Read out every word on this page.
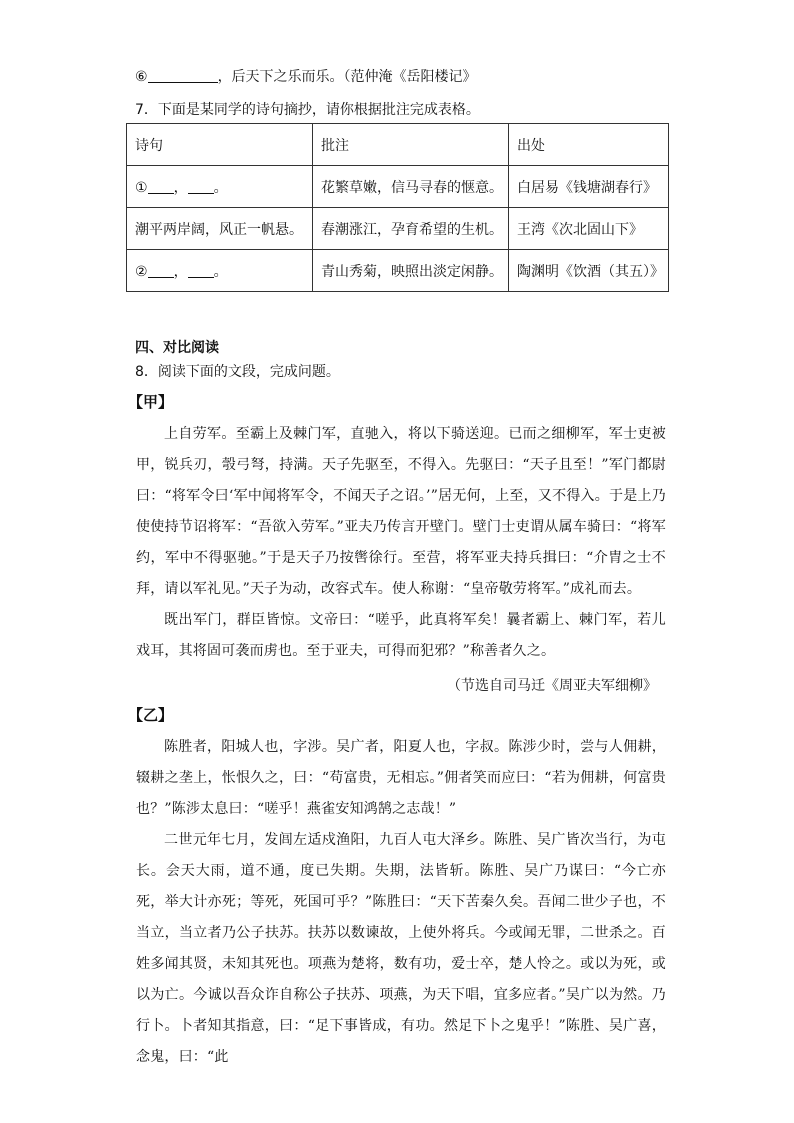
⑥	，后天下之乐而乐。（范仲淹《岳阳楼记》
7．下面是某同学的诗句摘抄，请你根据批注完成表格。
诗句	批注	出处
① ， 。	花繁草嫩，信马寻春的惬意。	白居易《钱塘湖春行》
潮平两岸阔，风正一帆悬。	春潮涨江，孕育希望的生机。	王湾《次北固山下》
② ， 。	青山秀菊，映照出淡定闲静。	陶渊明《饮酒（其五）》
四、对比阅读
8．阅读下面的文段，完成问题。
【甲】

上自劳军。至霸上及棘门军，直驰入，将以下骑送迎。已而之细柳军，军士吏被甲，锐兵刃，彀弓弩，持满。天子先驱至，不得入。先驱曰：“天子且至！”军门都尉曰：“将军令曰‘军中闻将军令，不闻天子之诏。’”居无何，上至，又不得入。于是上乃使使持节诏将军：“吾欲入劳军。”亚夫乃传言开壁门。壁门士吏谓从属车骑曰：“将军约，军中不得驱驰。”于是天子乃按辔徐行。至营，将军亚夫持兵揖曰：“介胄之士不拜，请以军礼见。”天子为动，改容式车。使人称谢：“皇帝敬劳将军。”成礼而去。

既出军门，群臣皆惊。文帝曰：“嗟乎，此真将军矣！曩者霸上、棘门军，若儿戏耳，其将固可袭而虏也。至于亚夫，可得而犯邪？”称善者久之。

（节选自司马迁《周亚夫军细柳》
【乙】

陈胜者，阳城人也，字涉。吴广者，阳夏人也，字叔。陈涉少时，尝与人佣耕，辍耕之垄上，怅恨久之，曰：“苟富贵，无相忘。”佣者笑而应曰：“若为佣耕，何富贵也？”陈涉太息曰：“嗟乎！燕雀安知鸿鹄之志哉！”

二世元年七月，发闾左适戍渔阳，九百人屯大泽乡。陈胜、吴广皆次当行，为屯长。会天大雨，道不通，度已失期。失期，法皆斩。陈胜、吴广乃谋曰：“今亡亦死，举大计亦死；等死，死国可乎？”陈胜曰：“天下苦秦久矣。吾闻二世少子也，不当立，当立者乃公子扶苏。扶苏以数谏故，上使外将兵。今或闻无罪，二世杀之。百姓多闻其贤，未知其死也。项燕为楚将，数有功，爱士卒，楚人怜之。或以为死，或以为亡。今诚以吾众诈自称公子扶苏、项燕，为天下唱，宜多应者。”吴广以为然。乃行卜。卜者知其指意，曰：“足下事皆成，有功。然足下卜之鬼乎！”陈胜、吴广喜，念鬼，曰：“此
